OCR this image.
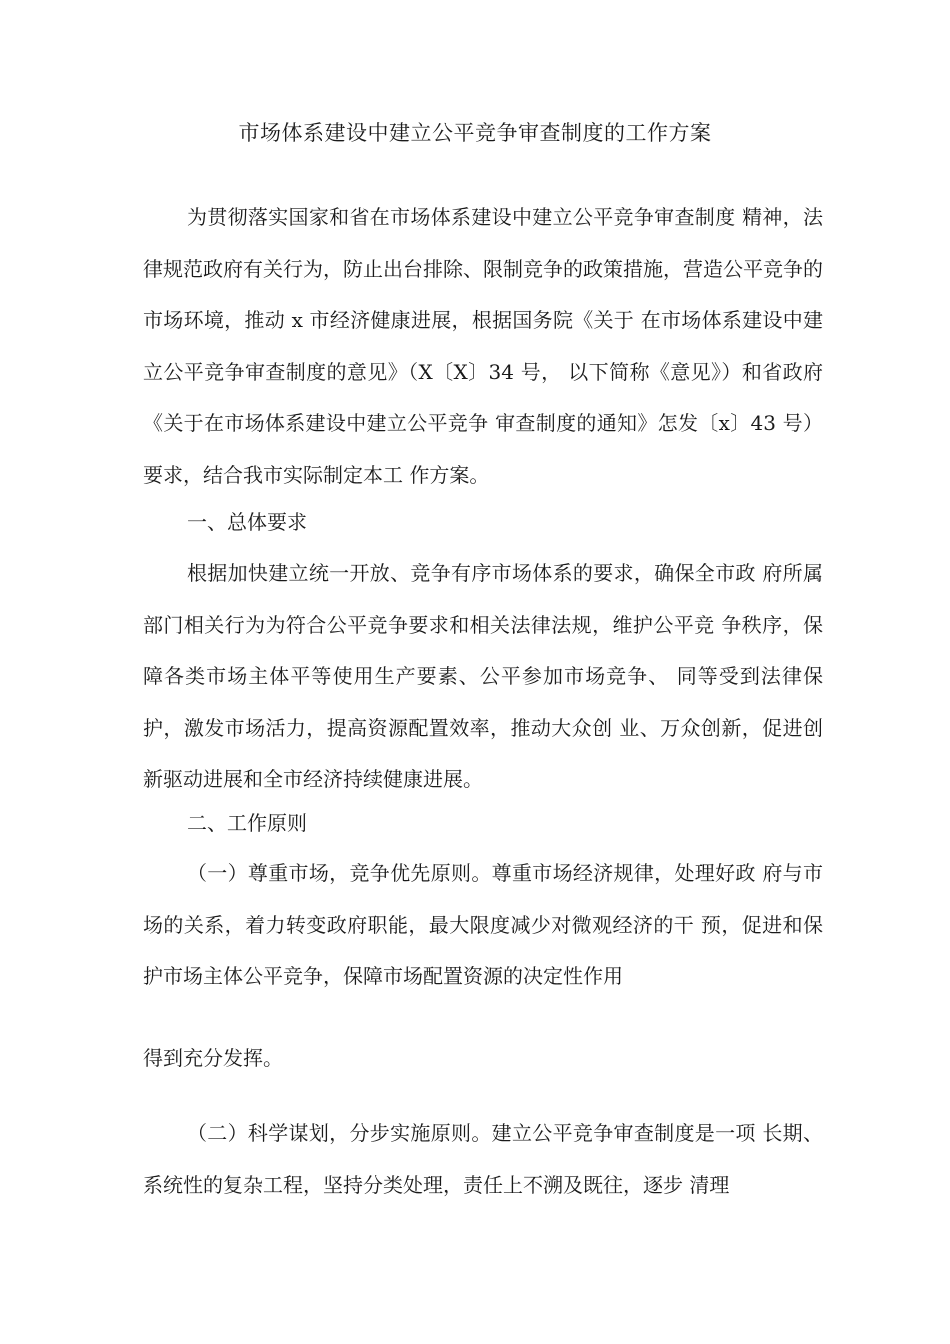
市场体系建设中建立公平竞争审查制度的工作方案

为贯彻落实国家和省在市场体系建设中建立公平竞争审查制度 精神，法律规范政府有关行为，防止出台排除、限制竞争的政策措施，营造公平竞争的市场环境，推动 x 市经济健康进展，根据国务院《关于 在市场体系建设中建立公平竞争审查制度的意见》（X〔X〕34 号， 以下简称《意见》）和省政府《关于在市场体系建设中建立公平竞争 审查制度的通知》怎发〔x〕43 号）要求，结合我市实际制定本工 作方案。

一、总体要求

根据加快建立统一开放、竞争有序市场体系的要求，确保全市政 府所属部门相关行为为符合公平竞争要求和相关法律法规，维护公平竞 争秩序，保障各类市场主体平等使用生产要素、公平参加市场竞争、 同等受到法律保护，激发市场活力，提高资源配置效率，推动大众创 业、万众创新，促进创新驱动进展和全市经济持续健康进展。

二、工作原则

（一）尊重市场，竞争优先原则。尊重市场经济规律，处理好政 府与市场的关系，着力转变政府职能，最大限度减少对微观经济的干 预，促进和保护市场主体公平竞争，保障市场配置资源的决定性作用

得到充分发挥。

（二）科学谋划，分步实施原则。建立公平竞争审查制度是一项 长期、系统性的复杂工程，坚持分类处理，责任上不溯及既往，逐步 清理
